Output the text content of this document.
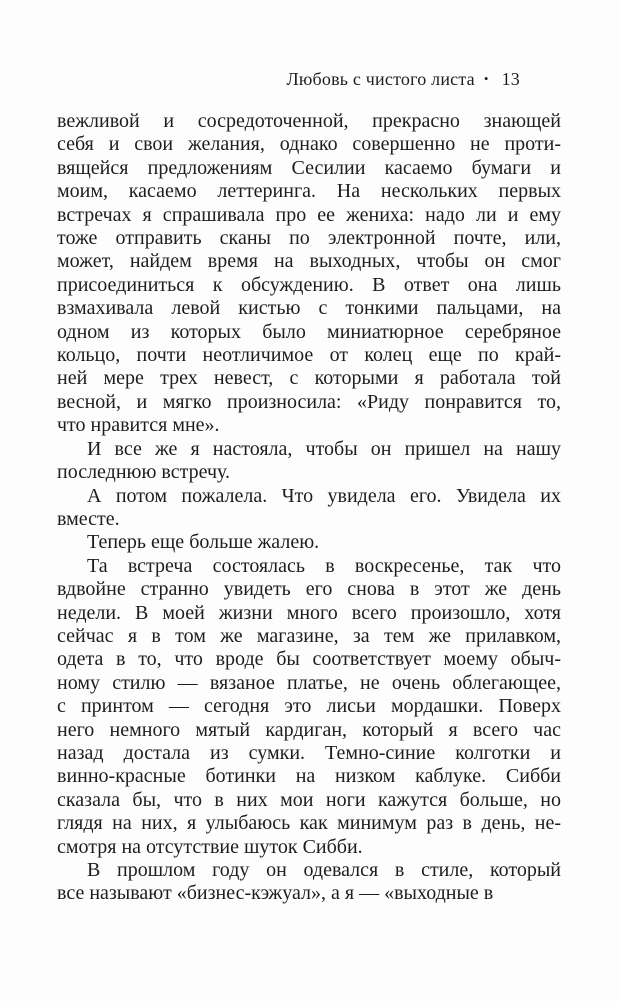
Любовь с чистого листа • 13
вежливой и сосредоточенной, прекрасно знающей
себя и свои желания, однако совершенно не проти-
вящейся предложениям Сесилии касаемо бумаги и
моим, касаемо леттеринга. На нескольких первых
встречах я спрашивала про ее жениха: надо ли и ему
тоже отправить сканы по электронной почте, или,
может, найдем время на выходных, чтобы он смог
присоединиться к обсуждению. В ответ она лишь
взмахивала левой кистью с тонкими пальцами, на
одном из которых было миниатюрное серебряное
кольцо, почти неотличимое от колец еще по край-
ней мере трех невест, с которыми я работала той
весной, и мягко произносила: «Риду понравится то,
что нравится мне».
И все же я настояла, чтобы он пришел на нашу
последнюю встречу.
А потом пожалела. Что увидела его. Увидела их
вместе.
Теперь еще больше жалею.
Та встреча состоялась в воскресенье, так что
вдвойне странно увидеть его снова в этот же день
недели. В моей жизни много всего произошло, хотя
сейчас я в том же магазине, за тем же прилавком,
одета в то, что вроде бы соответствует моему обыч-
ному стилю — вязаное платье, не очень облегающее,
с принтом — сегодня это лисьи мордашки. Поверх
него немного мятый кардиган, который я всего час
назад достала из сумки. Темно-синие колготки и
винно-красные ботинки на низком каблуке. Сибби
сказала бы, что в них мои ноги кажутся больше, но
глядя на них, я улыбаюсь как минимум раз в день, не-
смотря на отсутствие шуток Сибби.
В прошлом году он одевался в стиле, который
все называют «бизнес-кэжуал», а я — «выходные в
